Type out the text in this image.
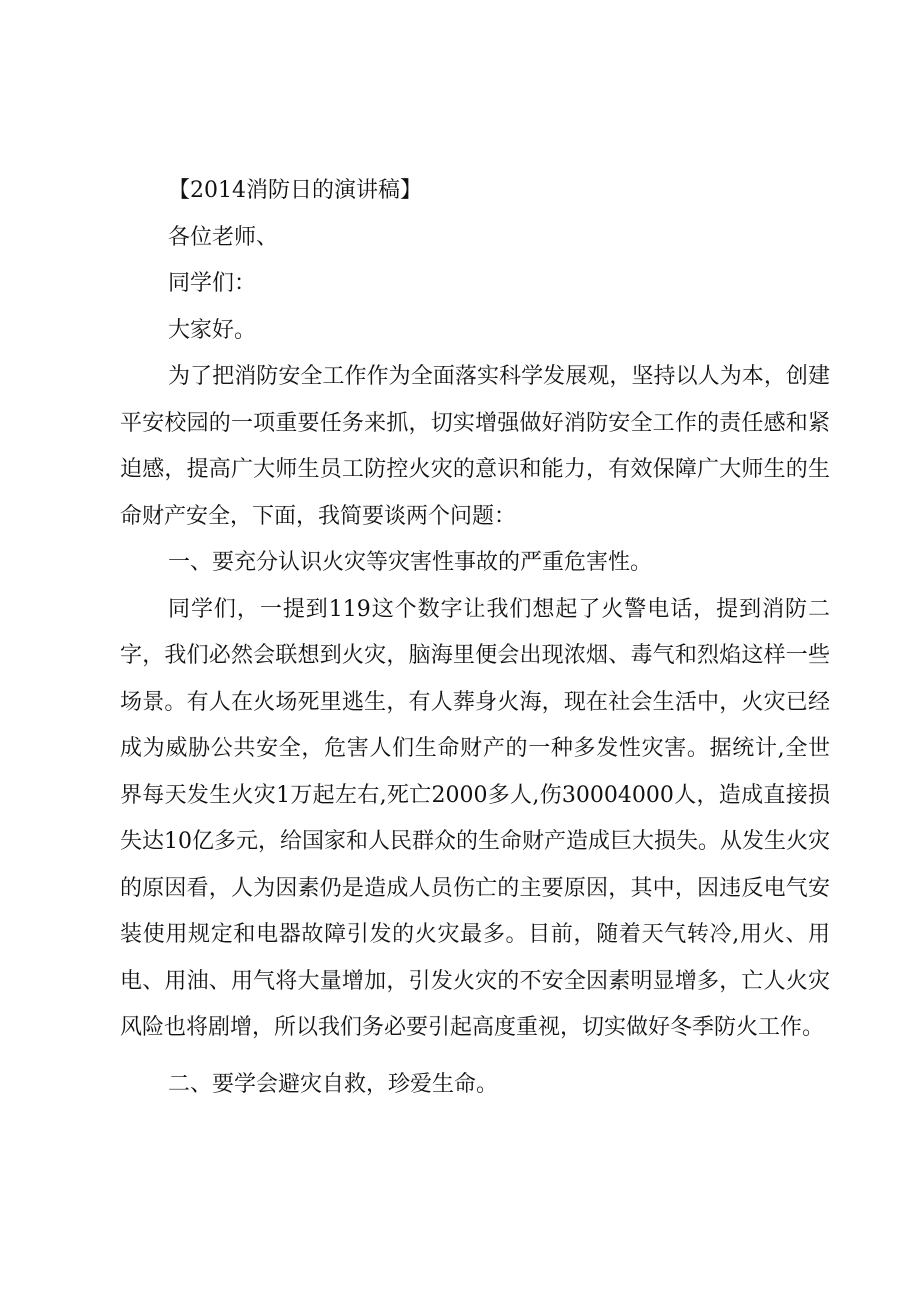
【2014消防日的演讲稿】

各位老师、

同学们：

大家好。

为了把消防安全工作作为全面落实科学发展观，坚持以人为本，创建平安校园的一项重要任务来抓，切实增强做好消防安全工作的责任感和紧迫感，提高广大师生员工防控火灾的意识和能力，有效保障广大师生的生命财产安全，下面，我简要谈两个问题：

一、要充分认识火灾等灾害性事故的严重危害性。

同学们，一提到119这个数字让我们想起了火警电话，提到消防二字，我们必然会联想到火灾，脑海里便会出现浓烟、毒气和烈焰这样一些场景。有人在火场死里逃生，有人葬身火海，现在社会生活中，火灾已经成为威胁公共安全，危害人们生命财产的一种多发性灾害。据统计,全世界每天发生火灾1万起左右,死亡2000多人,伤30004000人，造成直接损失达10亿多元，给国家和人民群众的生命财产造成巨大损失。从发生火灾的原因看，人为因素仍是造成人员伤亡的主要原因，其中，因违反电气安装使用规定和电器故障引发的火灾最多。目前，随着天气转冷,用火、用电、用油、用气将大量增加，引发火灾的不安全因素明显增多，亡人火灾风险也将剧增，所以我们务必要引起高度重视，切实做好冬季防火工作。

二、要学会避灾自救，珍爱生命。
